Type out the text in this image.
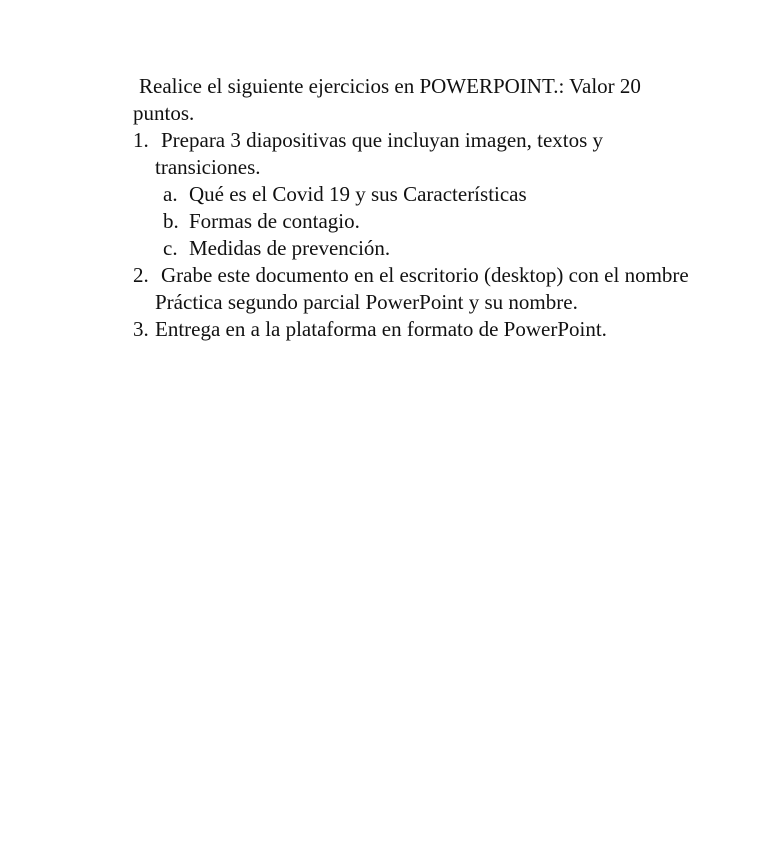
Realice el siguiente ejercicios en POWERPOINT.: Valor 20 puntos.

1. Prepara 3 diapositivas que incluyan imagen, textos y transiciones.
a. Qué es el Covid 19 y sus Características
b. Formas de contagio.
c. Medidas de prevención.
2. Grabe este documento en el escritorio (desktop) con el nombre Práctica segundo parcial PowerPoint y su nombre.
3. Entrega en a la plataforma en formato de PowerPoint.
